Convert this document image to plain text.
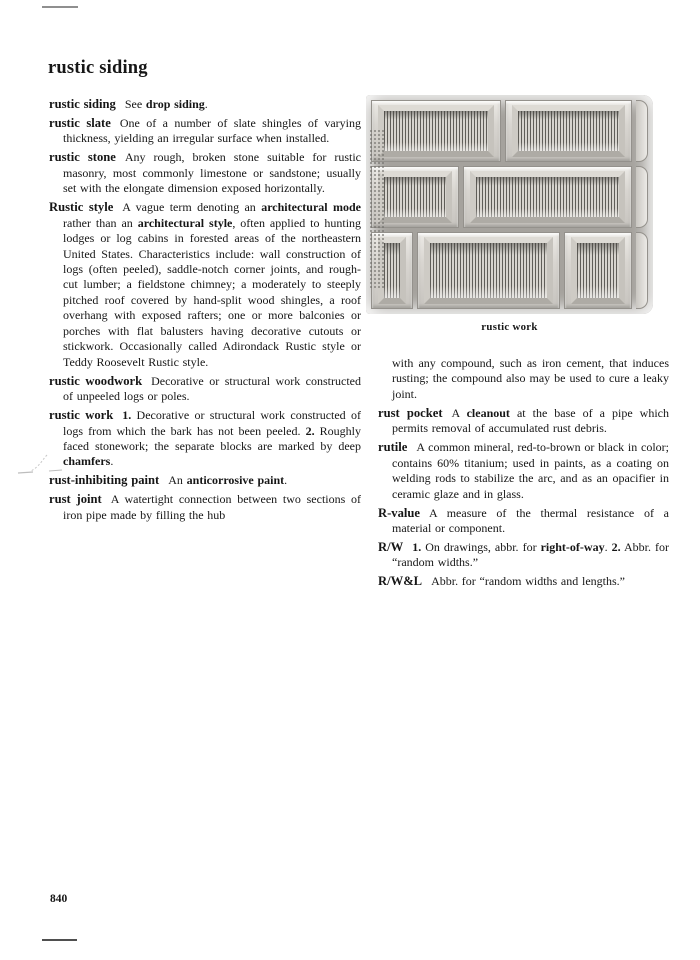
rustic siding

rustic siding See drop siding.

rustic slate One of a number of slate shingles of varying thickness, yielding an irregular surface when installed.

rustic stone Any rough, broken stone suitable for rustic masonry, most commonly limestone or sandstone; usually set with the elongate dimension exposed horizontally.

Rustic style A vague term denoting an architectural mode rather than an architectural style, often applied to hunting lodges or log cabins in forested areas of the northeastern United States. Characteristics include: wall construction of logs (often peeled), saddle-notch corner joints, and rough-cut lumber; a fieldstone chimney; a moderately to steeply pitched roof covered by hand-split wood shingles, a roof overhang with exposed rafters; one or more balconies or porches with flat balusters having decorative cutouts or stickwork. Occasionally called Adirondack Rustic style or Teddy Roosevelt Rustic style.

rustic woodwork Decorative or structural work constructed of unpeeled logs or poles.

rustic work 1. Decorative or structural work constructed of logs from which the bark has not been peeled. 2. Roughly faced stonework; the separate blocks are marked by deep chamfers.

rust-inhibiting paint An anticorrosive paint.

rust joint A watertight connection between two sections of iron pipe made by filling the hub

rustic work

with any compound, such as iron cement, that induces rusting; the compound also may be used to cure a leaky joint.

rust pocket A cleanout at the base of a pipe which permits removal of accumulated rust debris.

rutile A common mineral, red-to-brown or black in color; contains 60% titanium; used in paints, as a coating on welding rods to stabilize the arc, and as an opacifier in ceramic glaze and in glass.

R-value A measure of the thermal resistance of a material or component.

R/W 1. On drawings, abbr. for right-of-way. 2. Abbr. for “random widths.”

R/W&L Abbr. for “random widths and lengths.”

840
